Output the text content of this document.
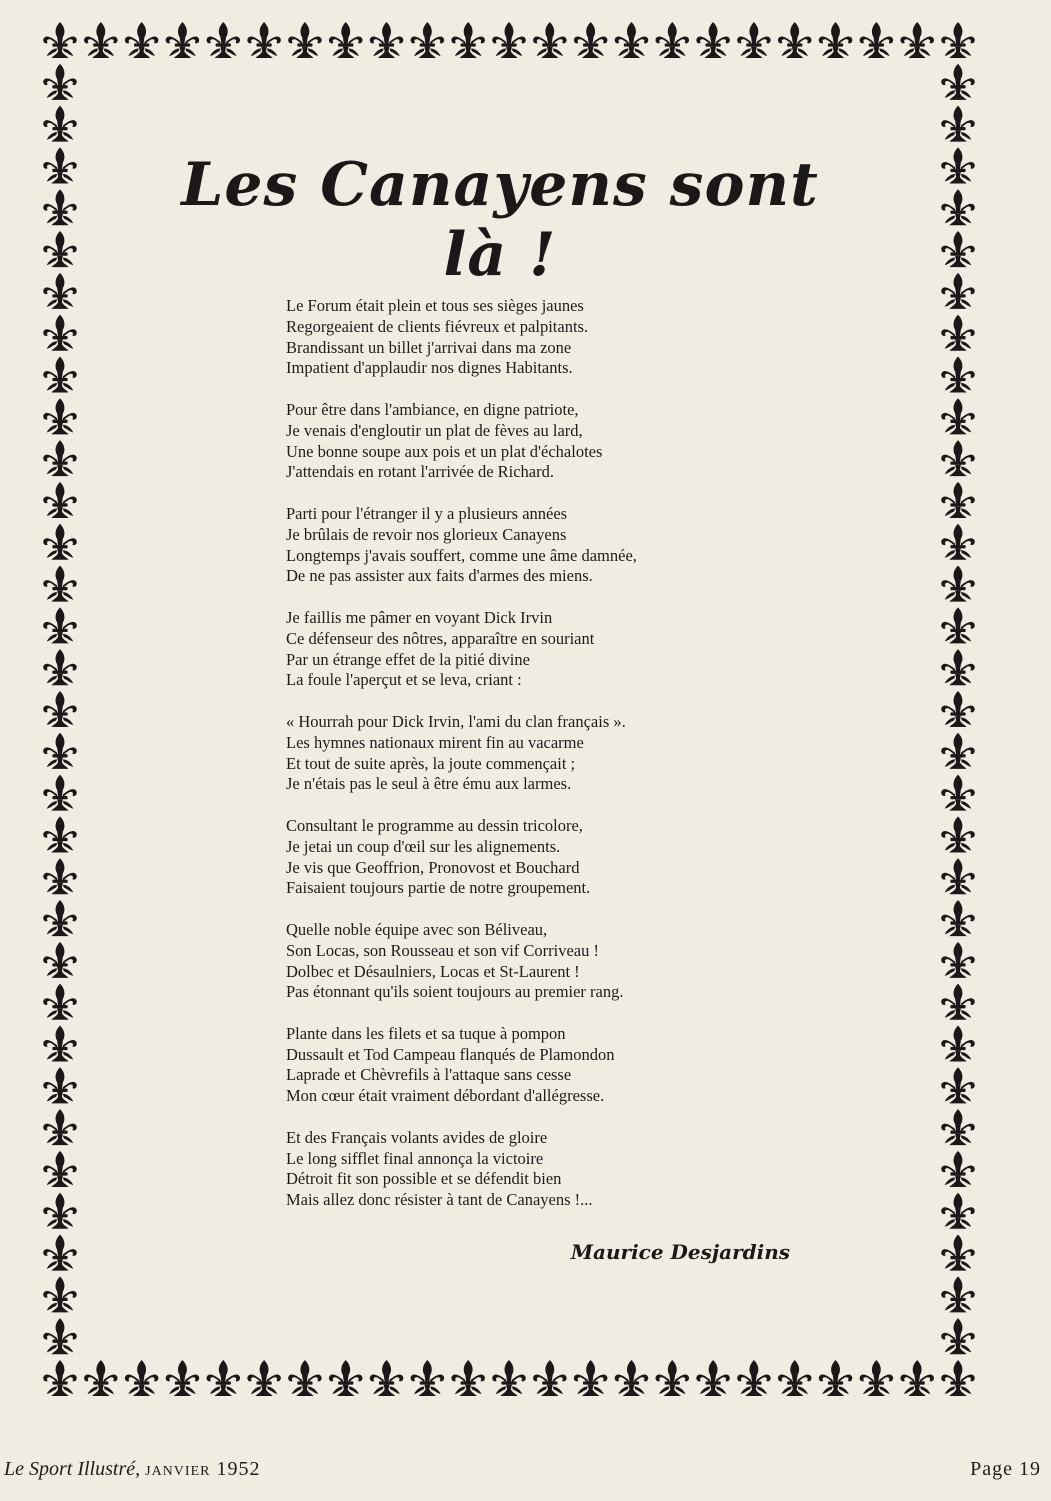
Les Canayens sont là !

Le Forum était plein et tous ses sièges jaunes
Regorgeaient de clients fiévreux et palpitants.
Brandissant un billet j'arrivai dans ma zone
Impatient d'applaudir nos dignes Habitants.

Pour être dans l'ambiance, en digne patriote,
Je venais d'engloutir un plat de fèves au lard,
Une bonne soupe aux pois et un plat d'échalotes
J'attendais en rotant l'arrivée de Richard.

Parti pour l'étranger il y a plusieurs années
Je brûlais de revoir nos glorieux Canayens
Longtemps j'avais souffert, comme une âme damnée,
De ne pas assister aux faits d'armes des miens.

Je faillis me pâmer en voyant Dick Irvin
Ce défenseur des nôtres, apparaître en souriant
Par un étrange effet de la pitié divine
La foule l'aperçut et se leva, criant :

« Hourrah pour Dick Irvin, l'ami du clan français ».
Les hymnes nationaux mirent fin au vacarme
Et tout de suite après, la joute commençait ;
Je n'étais pas le seul à être ému aux larmes.

Consultant le programme au dessin tricolore,
Je jetai un coup d'œil sur les alignements.
Je vis que Geoffrion, Pronovost et Bouchard
Faisaient toujours partie de notre groupement.

Quelle noble équipe avec son Béliveau,
Son Locas, son Rousseau et son vif Corriveau !
Dolbec et Désaulniers, Locas et St-Laurent !
Pas étonnant qu'ils soient toujours au premier rang.

Plante dans les filets et sa tuque à pompon
Dussault et Tod Campeau flanqués de Plamondon
Laprade et Chèvrefils à l'attaque sans cesse
Mon cœur était vraiment débordant d'allégresse.

Et des Français volants avides de gloire
Le long sifflet final annonça la victoire
Détroit fit son possible et se défendit bien
Mais allez donc résister à tant de Canayens !...

Maurice Desjardins
Le Sport Illustré, janvier 1952	Page 19
